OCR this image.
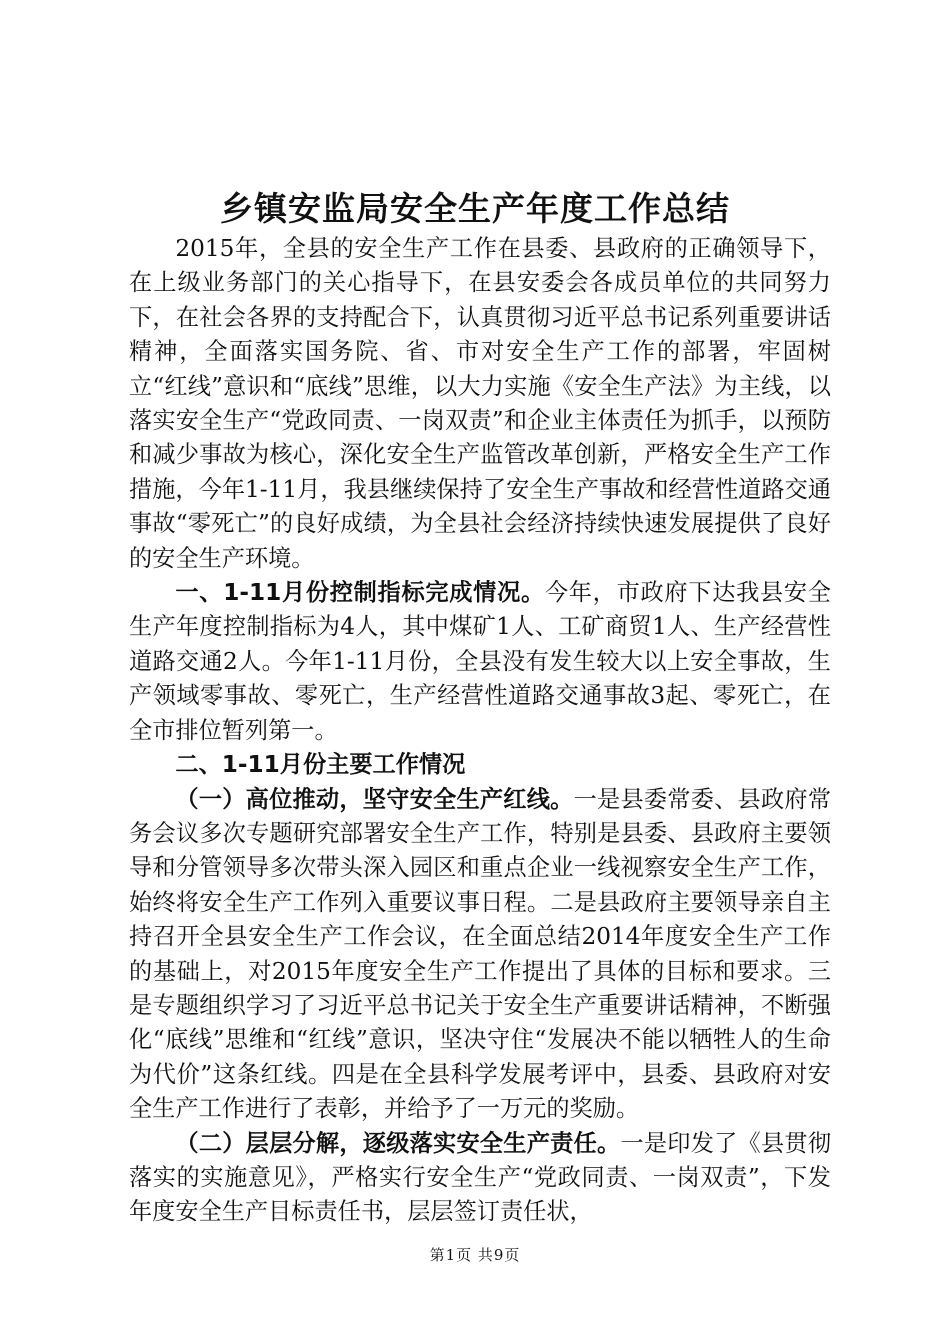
乡镇安监局安全生产年度工作总结

2015年，全县的安全生产工作在县委、县政府的正确领导下，在上级业务部门的关心指导下，在县安委会各成员单位的共同努力下，在社会各界的支持配合下，认真贯彻习近平总书记系列重要讲话精神，全面落实国务院、省、市对安全生产工作的部署，牢固树立“红线”意识和“底线”思维，以大力实施《安全生产法》为主线，以落实安全生产“党政同责、一岗双责”和企业主体责任为抓手，以预防和减少事故为核心，深化安全生产监管改革创新，严格安全生产工作措施，今年1-11月，我县继续保持了安全生产事故和经营性道路交通事故“零死亡”的良好成绩，为全县社会经济持续快速发展提供了良好的安全生产环境。

一、1-11月份控制指标完成情况。今年，市政府下达我县安全生产年度控制指标为4人，其中煤矿1人、工矿商贸1人、生产经营性道路交通2人。今年1-11月份，全县没有发生较大以上安全事故，生产领域零事故、零死亡，生产经营性道路交通事故3起、零死亡，在全市排位暂列第一。

二、1-11月份主要工作情况

（一）高位推动，坚守安全生产红线。一是县委常委、县政府常务会议多次专题研究部署安全生产工作，特别是县委、县政府主要领导和分管领导多次带头深入园区和重点企业一线视察安全生产工作，始终将安全生产工作列入重要议事日程。二是县政府主要领导亲自主持召开全县安全生产工作会议，在全面总结2014年度安全生产工作的基础上，对2015年度安全生产工作提出了具体的目标和要求。三是专题组织学习了习近平总书记关于安全生产重要讲话精神，不断强化“底线”思维和“红线”意识，坚决守住“发展决不能以牺牲人的生命为代价”这条红线。四是在全县科学发展考评中，县委、县政府对安全生产工作进行了表彰，并给予了一万元的奖励。

（二）层层分解，逐级落实安全生产责任。一是印发了《县贯彻落实的实施意见》，严格实行安全生产“党政同责、一岗双责”，下发年度安全生产目标责任书，层层签订责任状，

第1页 共9页
